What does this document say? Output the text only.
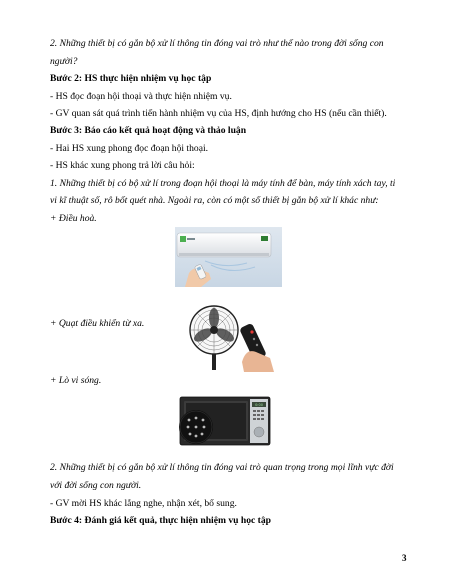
2. Những thiết bị có gắn bộ xử lí thông tin đóng vai trò như thế nào trong đời sống con
người?
Bước 2: HS thực hiện nhiệm vụ học tập
- HS đọc đoạn hội thoại và thực hiện nhiệm vụ.
- GV quan sát quá trình tiến hành nhiệm vụ của HS, định hướng cho HS (nếu cần thiết).
Bước 3: Báo cáo kết quả hoạt động và thảo luận
- Hai HS xung phong đọc đoạn hội thoại.
- HS khác xung phong trả lời câu hỏi:
1. Những thiết bị có bộ xử lí trong đoạn hội thoại là máy tính để bàn, máy tính xách tay, ti
vi kĩ thuật số, rô bốt quét nhà. Ngoài ra, còn có một số thiết bị gắn bộ xử lí khác như:
+ Điều hoà.
+ Quạt điều khiển từ xa.
+ Lò vi sóng.
0:00
2. Những thiết bị có gắn bộ xử lí thông tin đóng vai trò quan trọng trong mọi lĩnh vực đời
với đời sống con người.
- GV mời HS khác lắng nghe, nhận xét, bổ sung.
Bước 4: Đánh giá kết quả, thực hiện nhiệm vụ học tập
3
